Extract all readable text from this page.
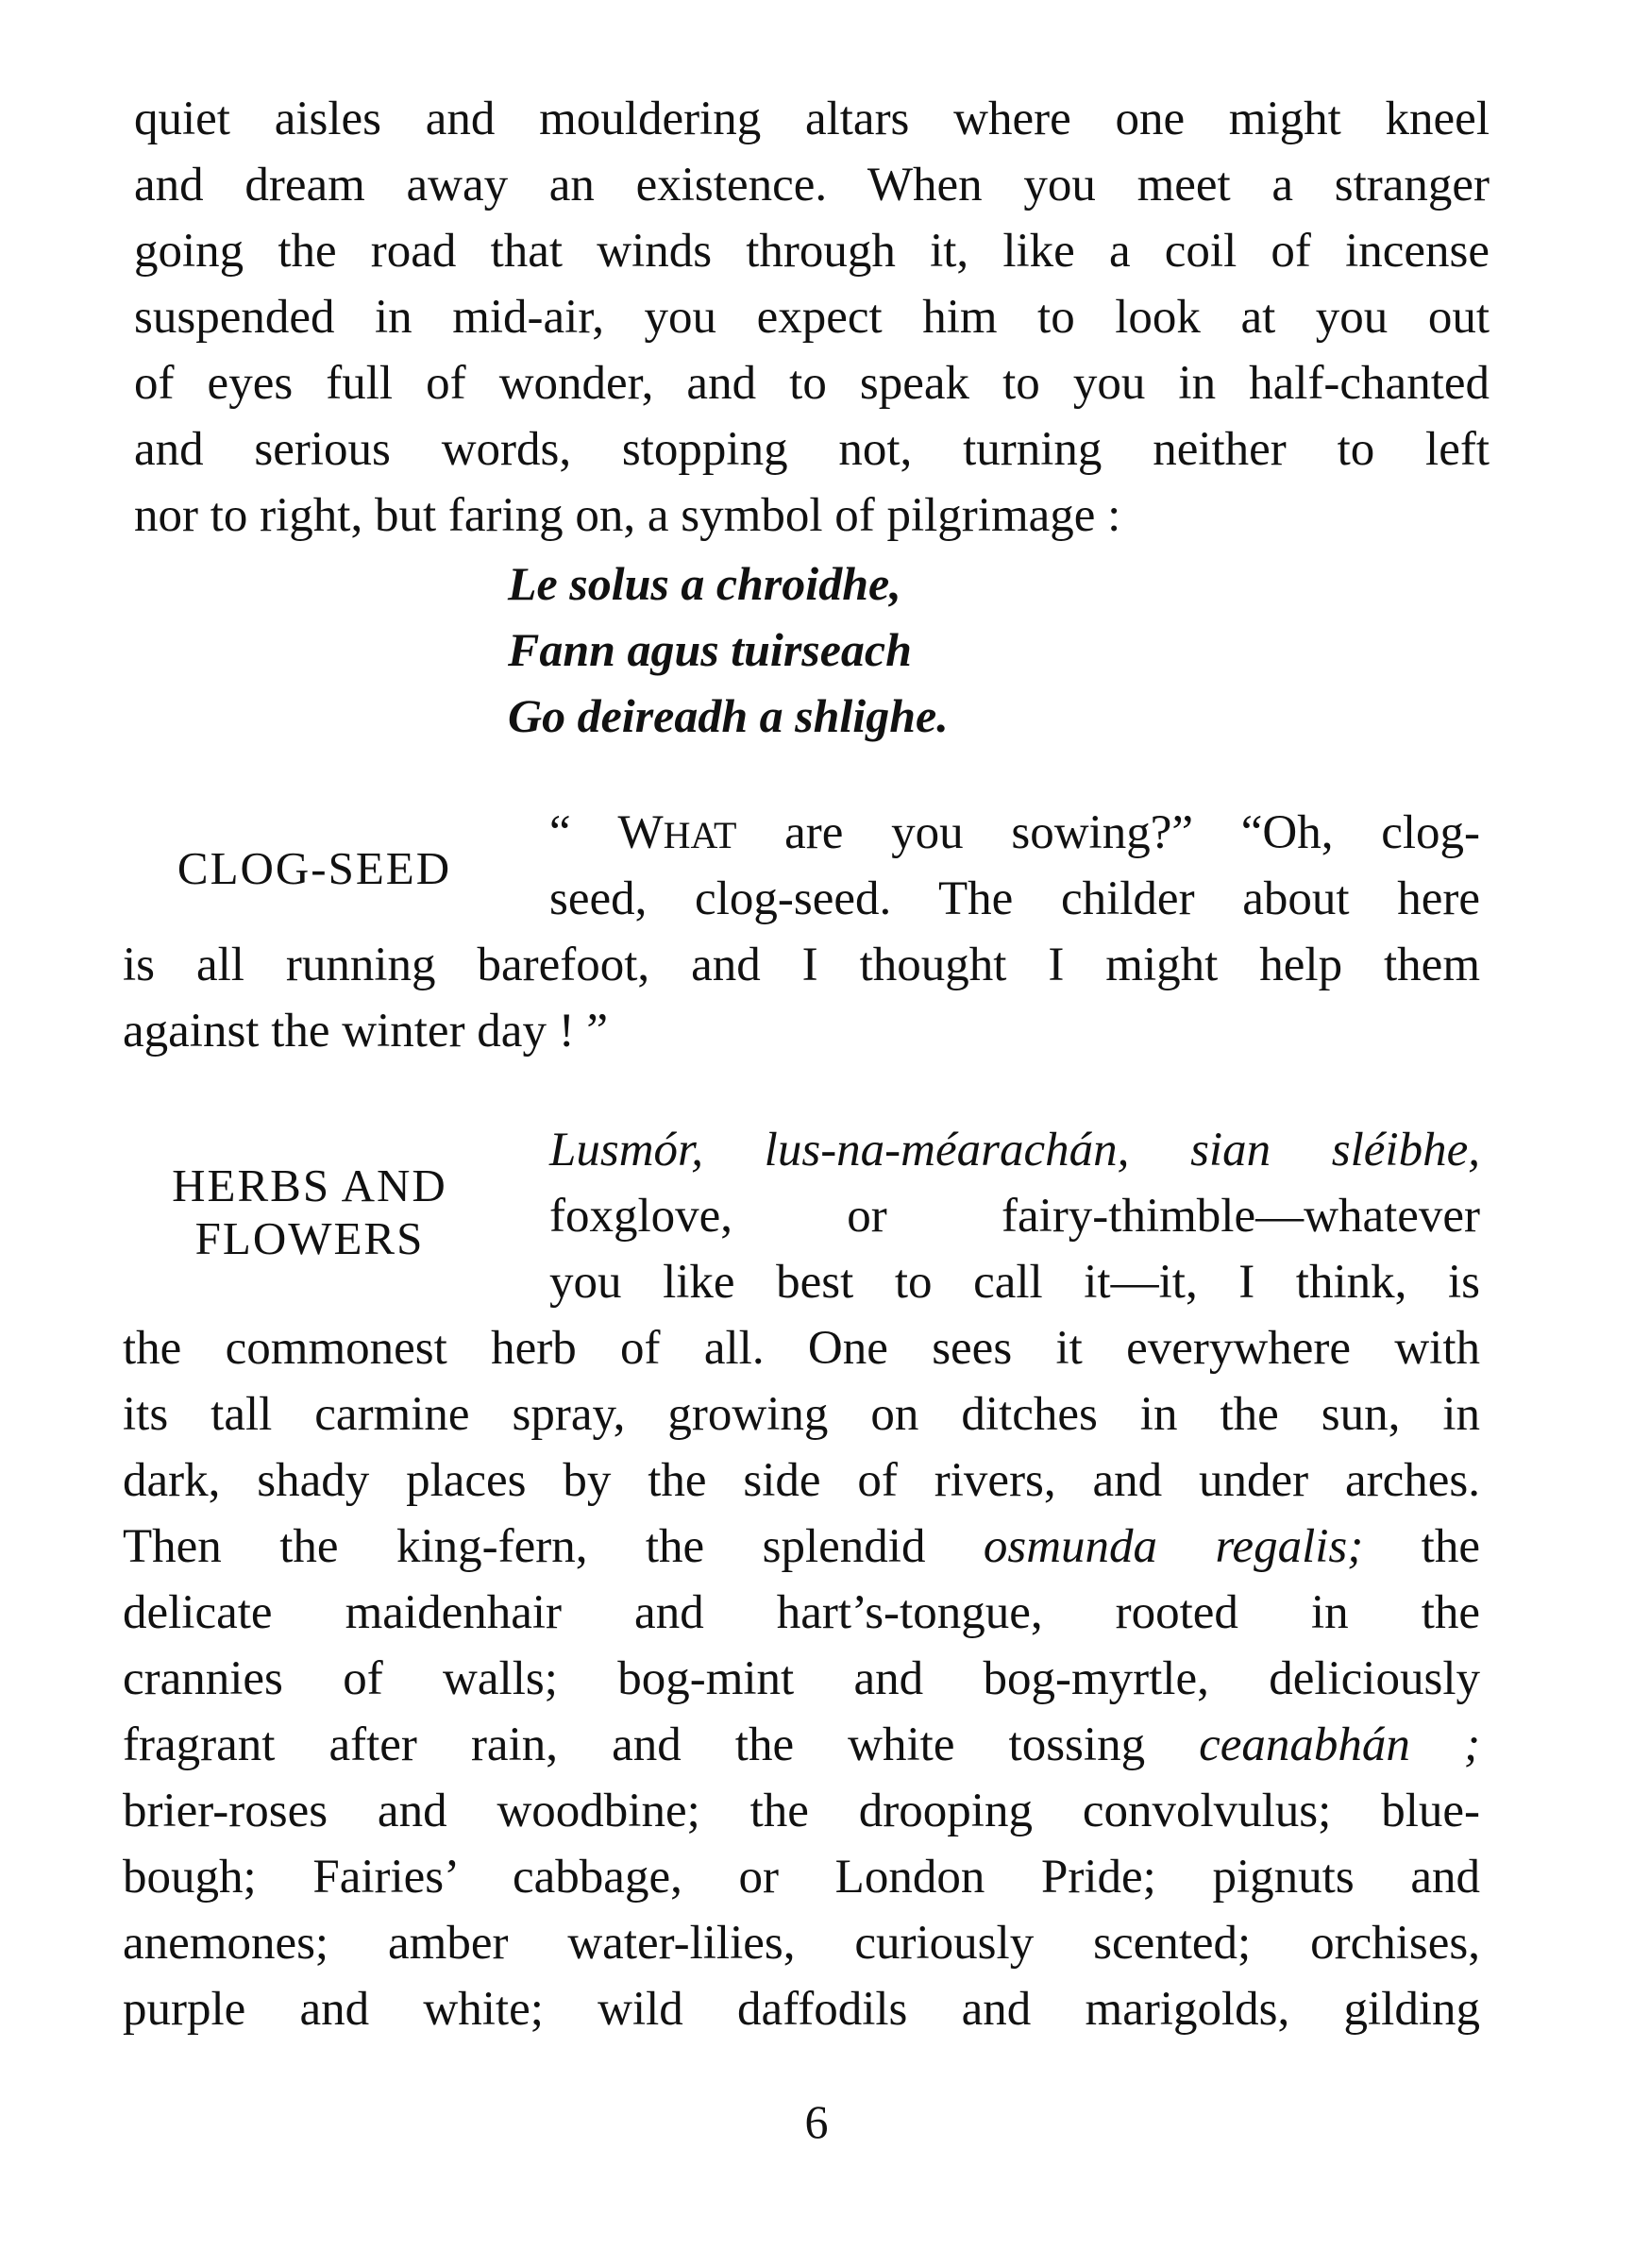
quiet aisles and mouldering altars where one might kneel
and dream away an existence. When you meet a stranger
going the road that winds through it, like a coil of incense
suspended in mid-air, you expect him to look at you out
of eyes full of wonder, and to speak to you in half-chanted
and serious words, stopping not, turning neither to left
nor to right, but faring on, a symbol of pilgrimage :
Le solus a chroidhe,
Fann agus tuirseach
Go deireadh a shlighe.
CLOG-SEED
“ WHAT are you sowing?” “Oh, clog-
seed, clog-seed. The childer about here
is all running barefoot, and I thought I might help them
against the winter day ! ”
HERBS AND
FLOWERS
Lusmór, lus-na-méarachán, sian sléibhe,
foxglove, or fairy-thimble—whatever
you like best to call it—it, I think, is
the commonest herb of all. One sees it everywhere with
its tall carmine spray, growing on ditches in the sun, in
dark, shady places by the side of rivers, and under arches.
Then the king-fern, the splendid osmunda regalis; the
delicate maidenhair and hart’s-tongue, rooted in the
crannies of walls; bog-mint and bog-myrtle, deliciously
fragrant after rain, and the white tossing ceanabhán ;
brier-roses and woodbine; the drooping convolvulus; blue-
bough; Fairies’ cabbage, or London Pride; pignuts and
anemones; amber water-lilies, curiously scented; orchises,
purple and white; wild daffodils and marigolds, gilding
6
